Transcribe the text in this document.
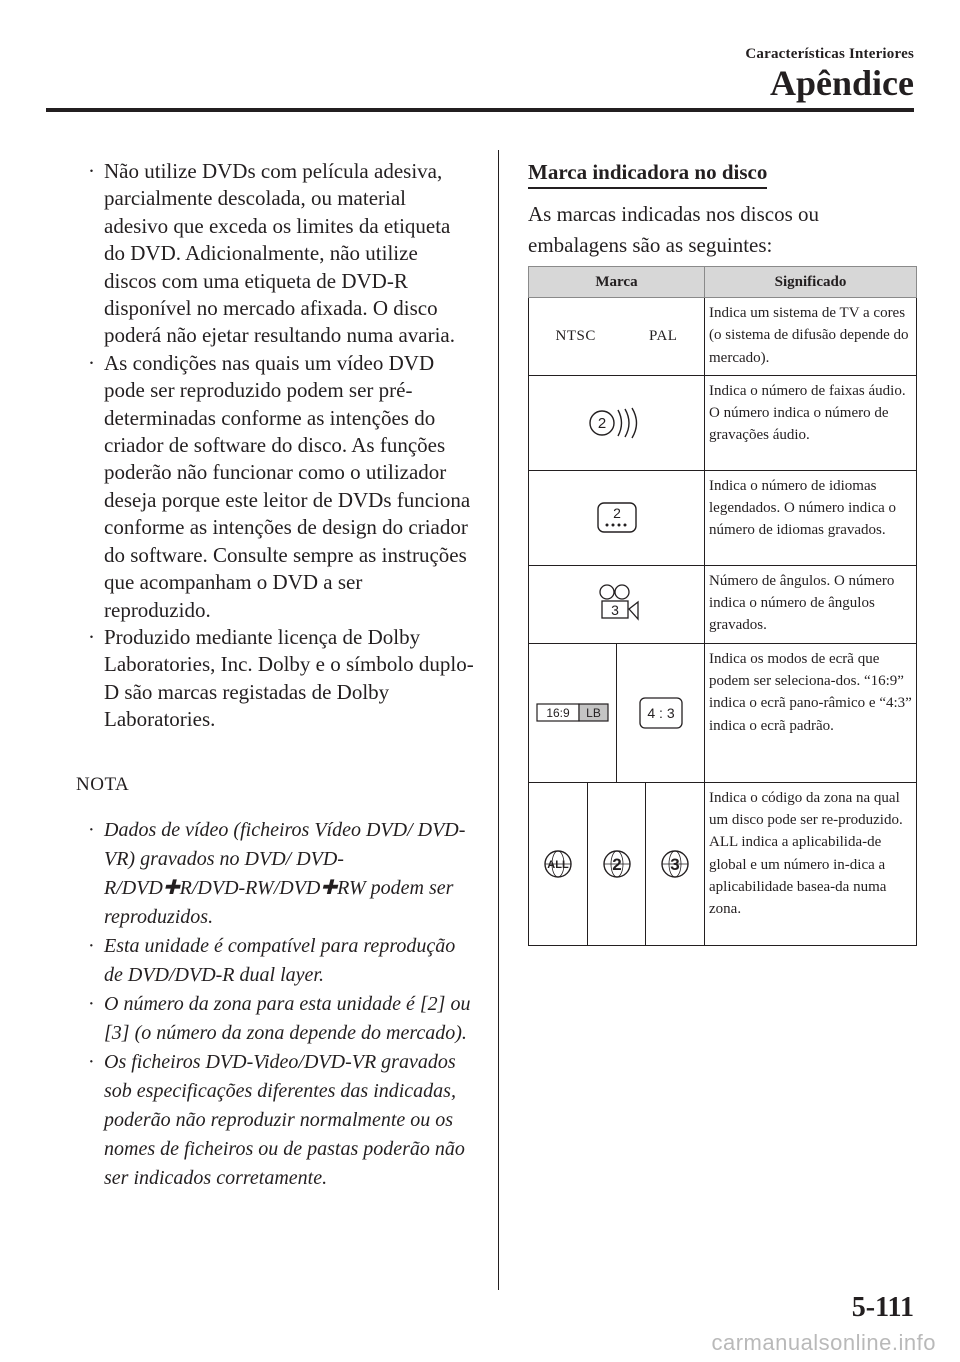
Características Interiores
Apêndice
· Não utilize DVDs com película adesiva, parcialmente descolada, ou material adesivo que exceda os limites da etiqueta do DVD. Adicionalmente, não utilize discos com uma etiqueta de DVD-R disponível no mercado afixada. O disco poderá não ejetar resultando numa avaria.
· As condições nas quais um vídeo DVD pode ser reproduzido podem ser pré-determinadas conforme as intenções do criador de software do disco. As funções poderão não funcionar como o utilizador deseja porque este leitor de DVDs funciona conforme as intenções de design do criador do software. Consulte sempre as instruções que acompanham o DVD a ser reproduzido.
· Produzido mediante licença de Dolby Laboratories, Inc. Dolby e o símbolo duplo-D são marcas registadas de Dolby Laboratories.
NOTA
· Dados de vídeo (ficheiros Vídeo DVD/ DVD-VR) gravados no DVD/ DVD-R/DVD✚R/DVD-RW/DVD✚RW podem ser reproduzidos.
· Esta unidade é compatível para reprodução de DVD/DVD-R dual layer.
· O número da zona para esta unidade é [2] ou [3] (o número da zona depende do mercado).
· Os ficheiros DVD-Video/DVD-VR gravados sob especificações diferentes das indicadas, poderão não reproduzir normalmente ou os nomes de ficheiros ou de pastas poderão não ser indicados corretamente.
Marca indicadora no disco

As marcas indicadas nos discos ou embalagens são as seguintes:

Marca	Significado

NTSC PAL	Indica um sistema de TV a cores (o sistema de difusão depende do mercado).

2	Indica o número de faixas áudio. O número indica o número de gravações áudio.

2	Indica o número de idiomas legendados. O número indica o número de idiomas gravados.

3	Número de ângulos. O número indica o número de ângulos gravados.

16:9 LB 4 : 3	Indica os modos de ecrã que podem ser seleciona-dos. “16:9” indica o ecrã pano-râmico e “4:3” indica o ecrã padrão.

ALL 2 3	Indica o código da zona na qual um disco pode ser re-produzido. ALL indica a aplicabilida-de global e um número in-dica a aplicabilidade basea-da numa zona.
5-111
carmanualsonline.info
